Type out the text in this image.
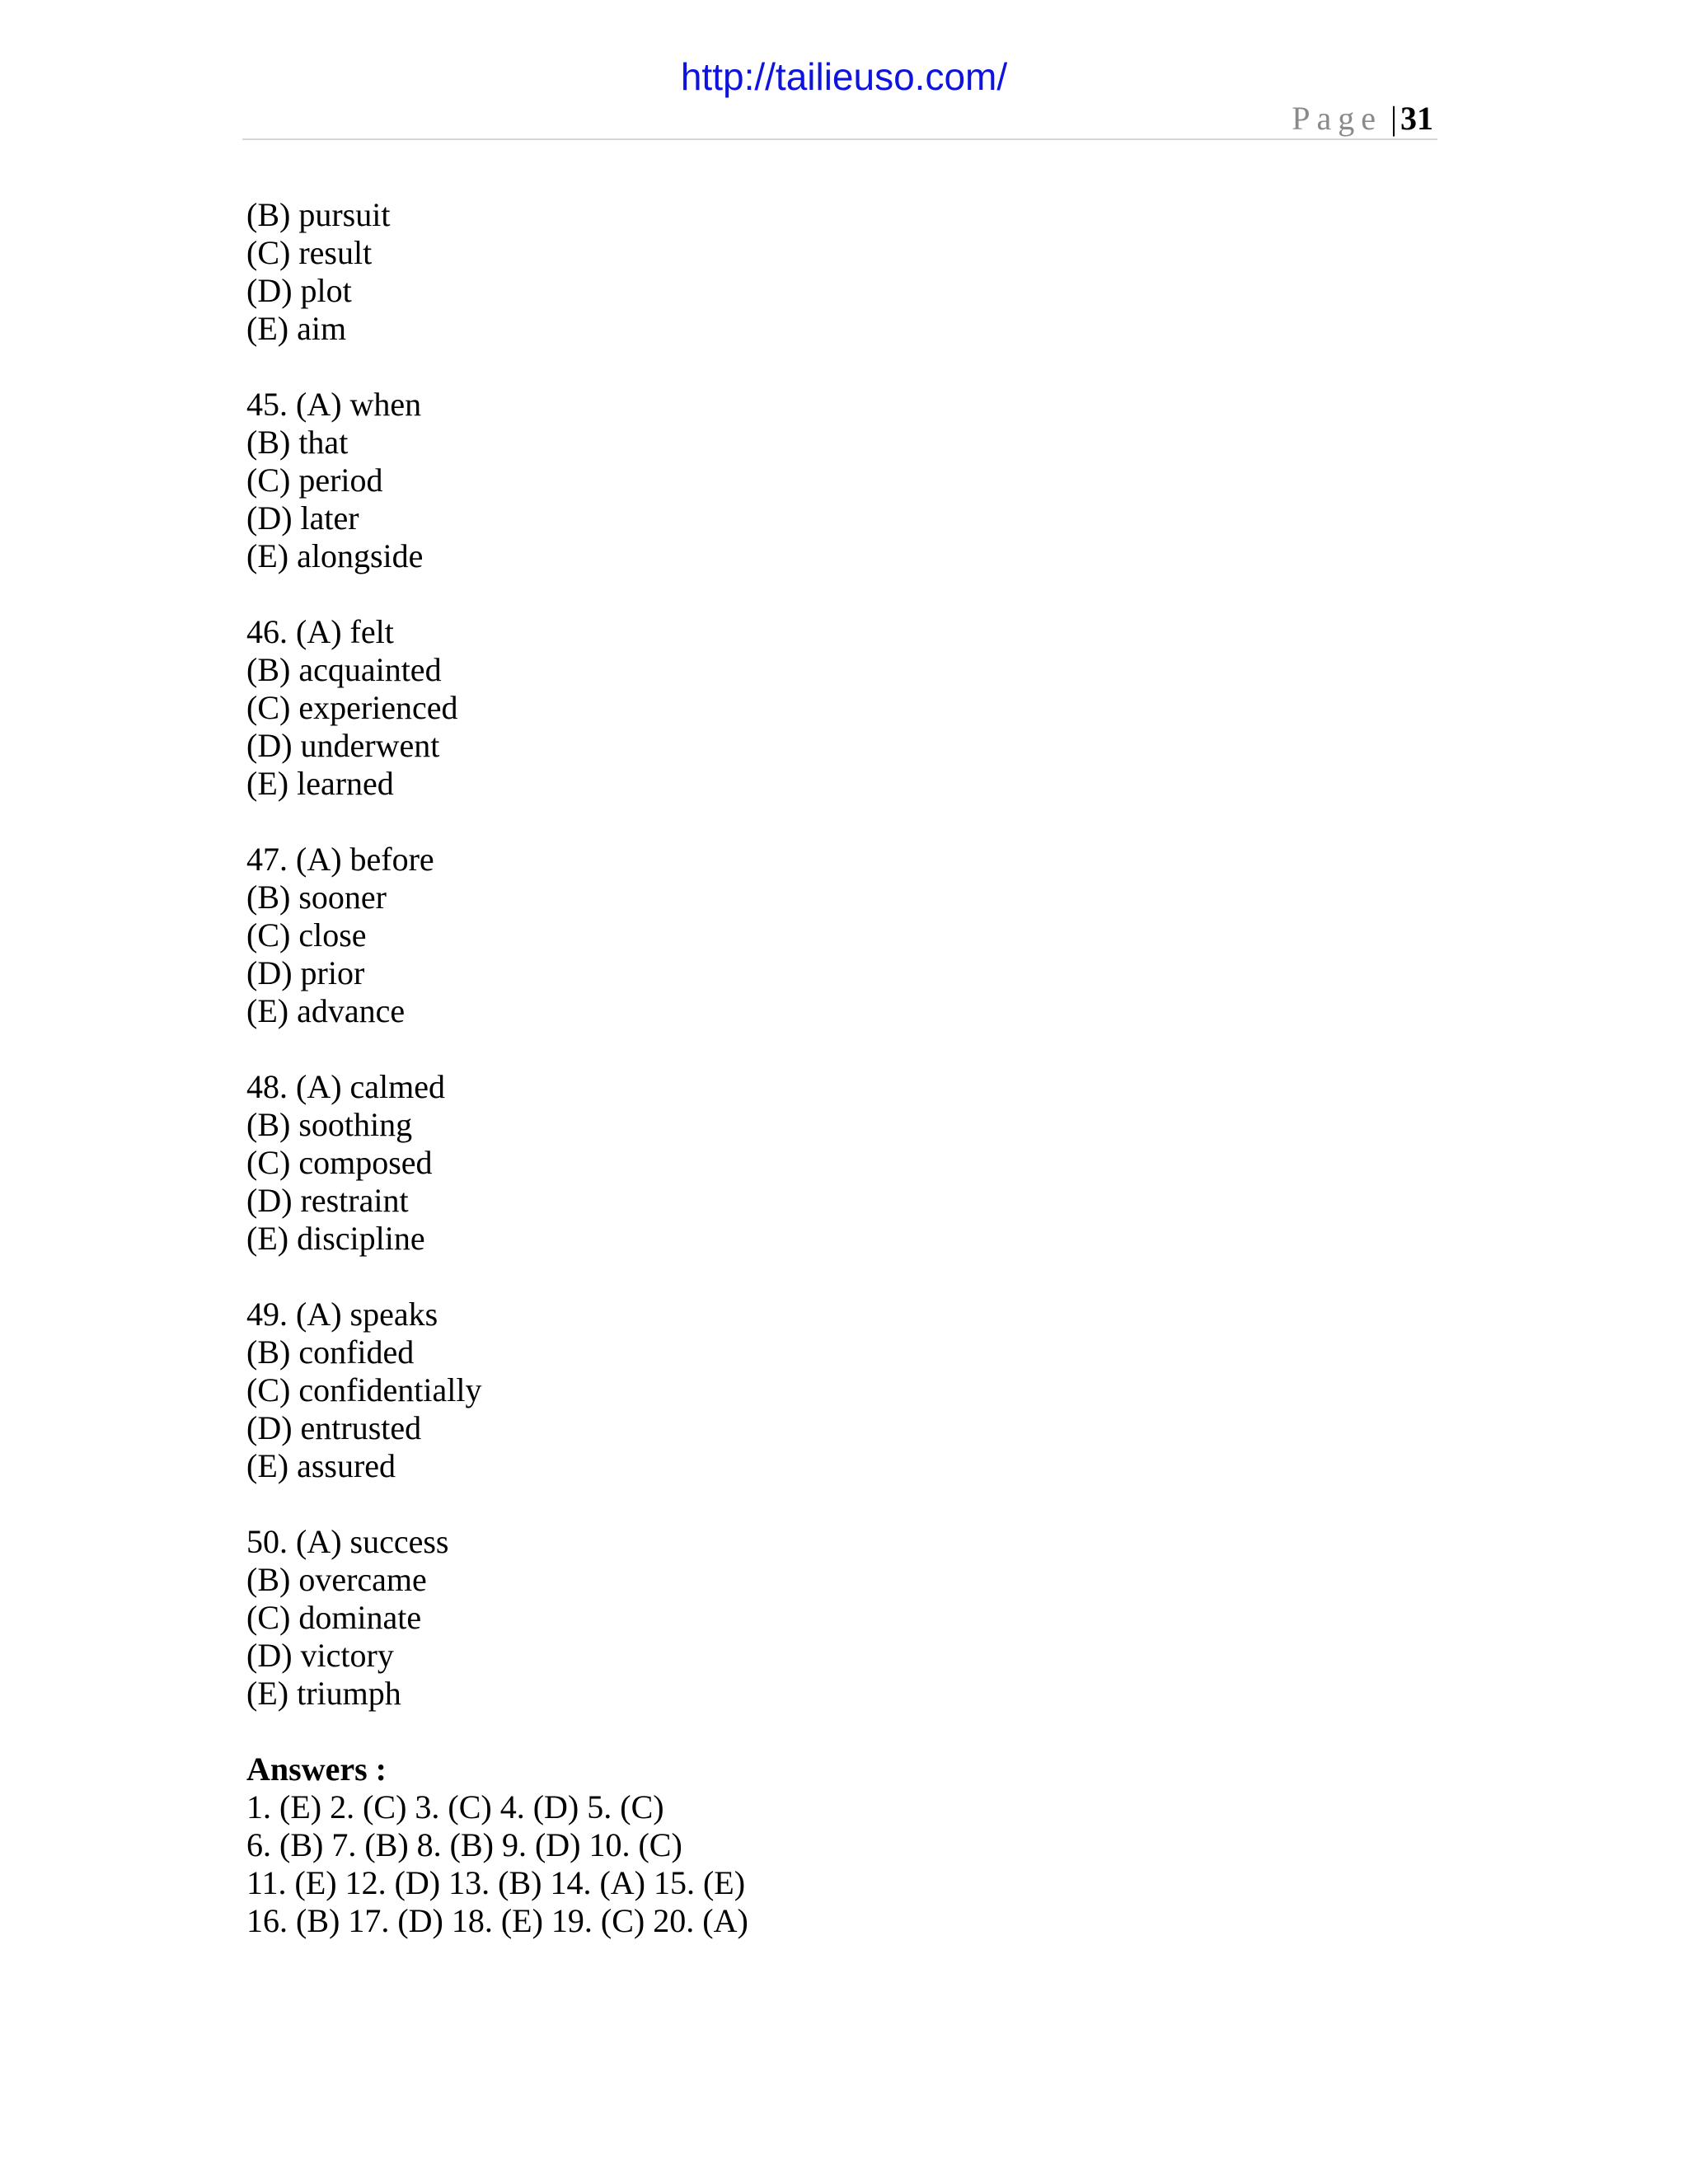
http://tailieuso.com/
Page | 31
(B) pursuit
(C) result
(D) plot
(E) aim
45. (A) when
(B) that
(C) period
(D) later
(E) alongside
46. (A) felt
(B) acquainted
(C) experienced
(D) underwent
(E) learned
47. (A) before
(B) sooner
(C) close
(D) prior
(E) advance
48. (A) calmed
(B) soothing
(C) composed
(D) restraint
(E) discipline
49. (A) speaks
(B) confided
(C) confidentially
(D) entrusted
(E) assured
50. (A) success
(B) overcame
(C) dominate
(D) victory
(E) triumph
Answers :
1. (E) 2. (C) 3. (C) 4. (D) 5. (C)
6. (B) 7. (B) 8. (B) 9. (D) 10. (C)
11. (E) 12. (D) 13. (B) 14. (A) 15. (E)
16. (B) 17. (D) 18. (E) 19. (C) 20. (A)
